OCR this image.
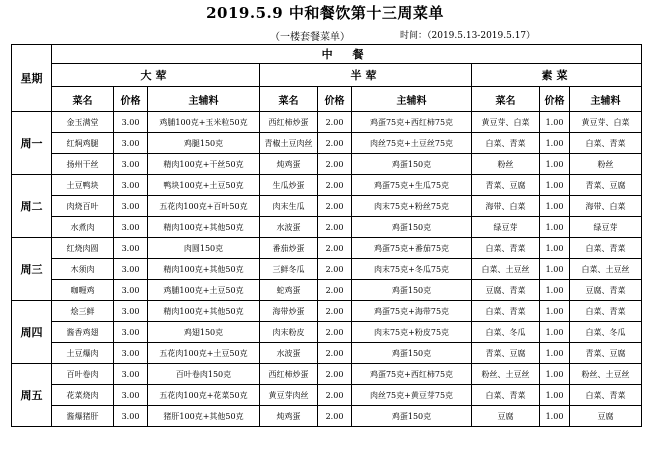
2019.5.9 中和餐饮第十三周菜单
（一楼套餐菜单）	时间：（2019.5.13-2019.5.17）
星期	中 餐								
	大荤			半荤			素菜		
	菜名	价格	主辅料	菜名	价格	主辅料	菜名	价格	主辅料
周一	金玉满堂	3.00	鸡脯100克+玉米粒50克	西红柿炒蛋	2.00	鸡蛋75克+西红柿75克	黄豆芽、白菜	1.00	黄豆芽、白菜
	红焖鸡腿	3.00	鸡腿150克	青椒土豆肉丝	2.00	肉丝75克+土豆丝75克	白菜、青菜	1.00	白菜、青菜
	扬州干丝	3.00	精肉100克+干丝50克	炖鸡蛋	2.00	鸡蛋150克	粉丝	1.00	粉丝
周二	土豆鸭块	3.00	鸭块100克+土豆50克	生瓜炒蛋	2.00	鸡蛋75克+生瓜75克	青菜、豆腐	1.00	青菜、豆腐
	肉烧百叶	3.00	五花肉100克+百叶50克	肉末生瓜	2.00	肉末75克+粉丝75克	海带、白菜	1.00	海带、白菜
	水煮肉	3.00	精肉100克+其他50克	水波蛋	2.00	鸡蛋150克	绿豆芽	1.00	绿豆芽
周三	红烧肉圆	3.00	肉圆150克	番茄炒蛋	2.00	鸡蛋75克+番茄75克	白菜、青菜	1.00	白菜、青菜
	木须肉	3.00	精肉100克+其他50克	三鲜冬瓜	2.00	肉末75克+冬瓜75克	白菜、土豆丝	1.00	白菜、土豆丝
	咖喱鸡	3.00	鸡脯100克+土豆50克	蛇鸡蛋	2.00	鸡蛋150克	豆腐、青菜	1.00	豆腐、青菜
周四	烩三鲜	3.00	精肉100克+其他50克	海带炒蛋	2.00	鸡蛋75克+海带75克	白菜、青菜	1.00	白菜、青菜
	酱香鸡翅	3.00	鸡翅150克	肉末粉皮	2.00	肉末75克+粉皮75克	白菜、冬瓜	1.00	白菜、冬瓜
	土豆爆肉	3.00	五花肉100克+土豆50克	水波蛋	2.00	鸡蛋150克	青菜、豆腐	1.00	青菜、豆腐
周五	百叶卷肉	3.00	百叶卷肉150克	西红柿炒蛋	2.00	鸡蛋75克+西红柿75克	粉丝、土豆丝	1.00	粉丝、土豆丝
	花菜烧肉	3.00	五花肉100克+花菜50克	黄豆芽肉丝	2.00	肉丝75克+黄豆芽75克	白菜、青菜	1.00	白菜、青菜
	酱爆猪肝	3.00	猪肝100克+其他50克	炖鸡蛋	2.00	鸡蛋150克	豆腐	1.00	豆腐
